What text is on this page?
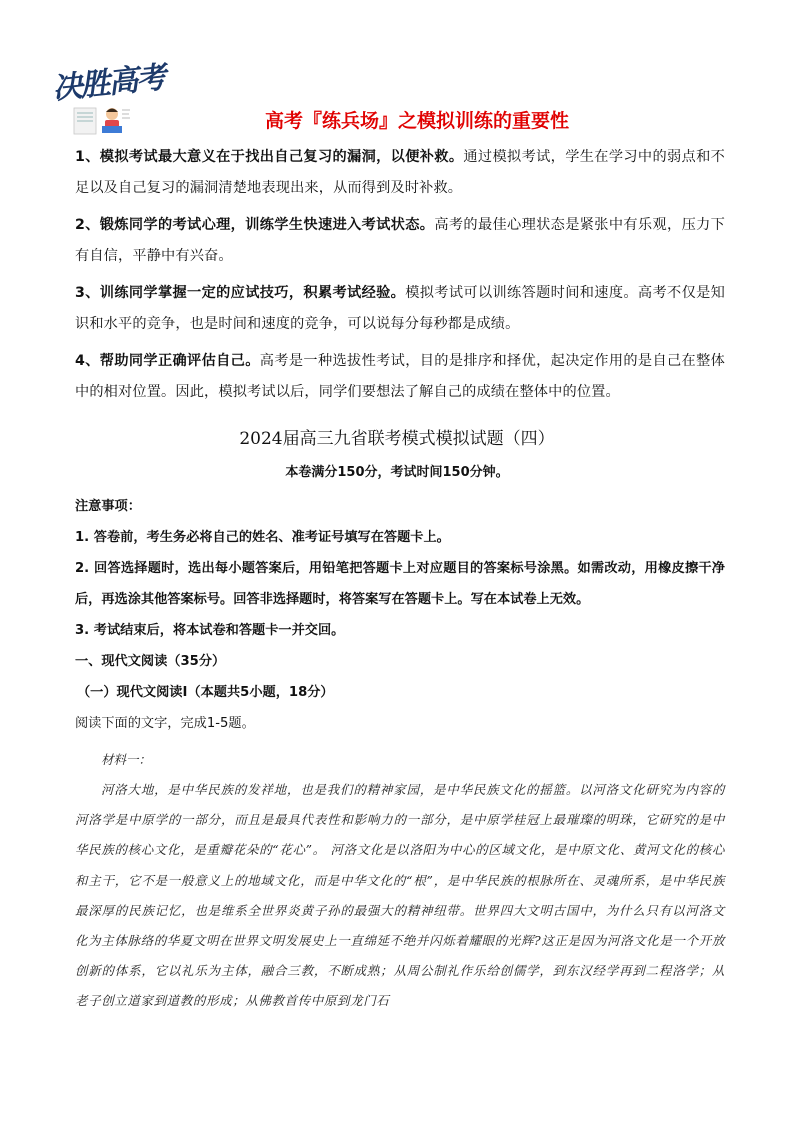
决胜高考
高考『练兵场』之模拟训练的重要性

1、模拟考试最大意义在于找出自己复习的漏洞，以便补救。通过模拟考试，学生在学习中的弱点和不足以及自己复习的漏洞清楚地表现出来，从而得到及时补救。

2、锻炼同学的考试心理，训练学生快速进入考试状态。高考的最佳心理状态是紧张中有乐观，压力下有自信，平静中有兴奋。

3、训练同学掌握一定的应试技巧，积累考试经验。模拟考试可以训练答题时间和速度。高考不仅是知识和水平的竞争，也是时间和速度的竞争，可以说每分每秒都是成绩。

4、帮助同学正确评估自己。高考是一种选拔性考试，目的是排序和择优，起决定作用的是自己在整体中的相对位置。因此，模拟考试以后，同学们要想法了解自己的成绩在整体中的位置。

2024届高三九省联考模式模拟试题（四）
本卷满分150分，考试时间150分钟。
注意事项：
1. 答卷前，考生务必将自己的姓名、准考证号填写在答题卡上。
2. 回答选择题时，选出每小题答案后，用铅笔把答题卡上对应题目的答案标号涂黑。如需改动，用橡皮擦干净后，再选涂其他答案标号。回答非选择题时，将答案写在答题卡上。写在本试卷上无效。
3. 考试结束后，将本试卷和答题卡一并交回。
一、现代文阅读（35分）
（一）现代文阅读Ⅰ（本题共5小题，18分）
阅读下面的文字，完成1-5题。
材料一：

河洛大地，是中华民族的发祥地，也是我们的精神家园，是中华民族文化的摇篮。以河洛文化研究为内容的河洛学是中原学的一部分，而且是最具代表性和影响力的一部分，是中原学桂冠上最璀璨的明珠，它研究的是中华民族的核心文化，是重瓣花朵的“花心”。 河洛文化是以洛阳为中心的区域文化，是中原文化、黄河文化的核心和主干，它不是一般意义上的地域文化，而是中华文化的“根”，是中华民族的根脉所在、灵魂所系，是中华民族最深厚的民族记忆，也是维系全世界炎黄子孙的最强大的精神纽带。世界四大文明古国中，为什么只有以河洛文化为主体脉络的华夏文明在世界文明发展史上一直绵延不绝并闪烁着耀眼的光辉?这正是因为河洛文化是一个开放创新的体系，它以礼乐为主体，融合三教，不断成熟；从周公制礼作乐给创儒学，到东汉经学再到二程洛学；从老子创立道家到道教的形成；从佛教首传中原到龙门石
